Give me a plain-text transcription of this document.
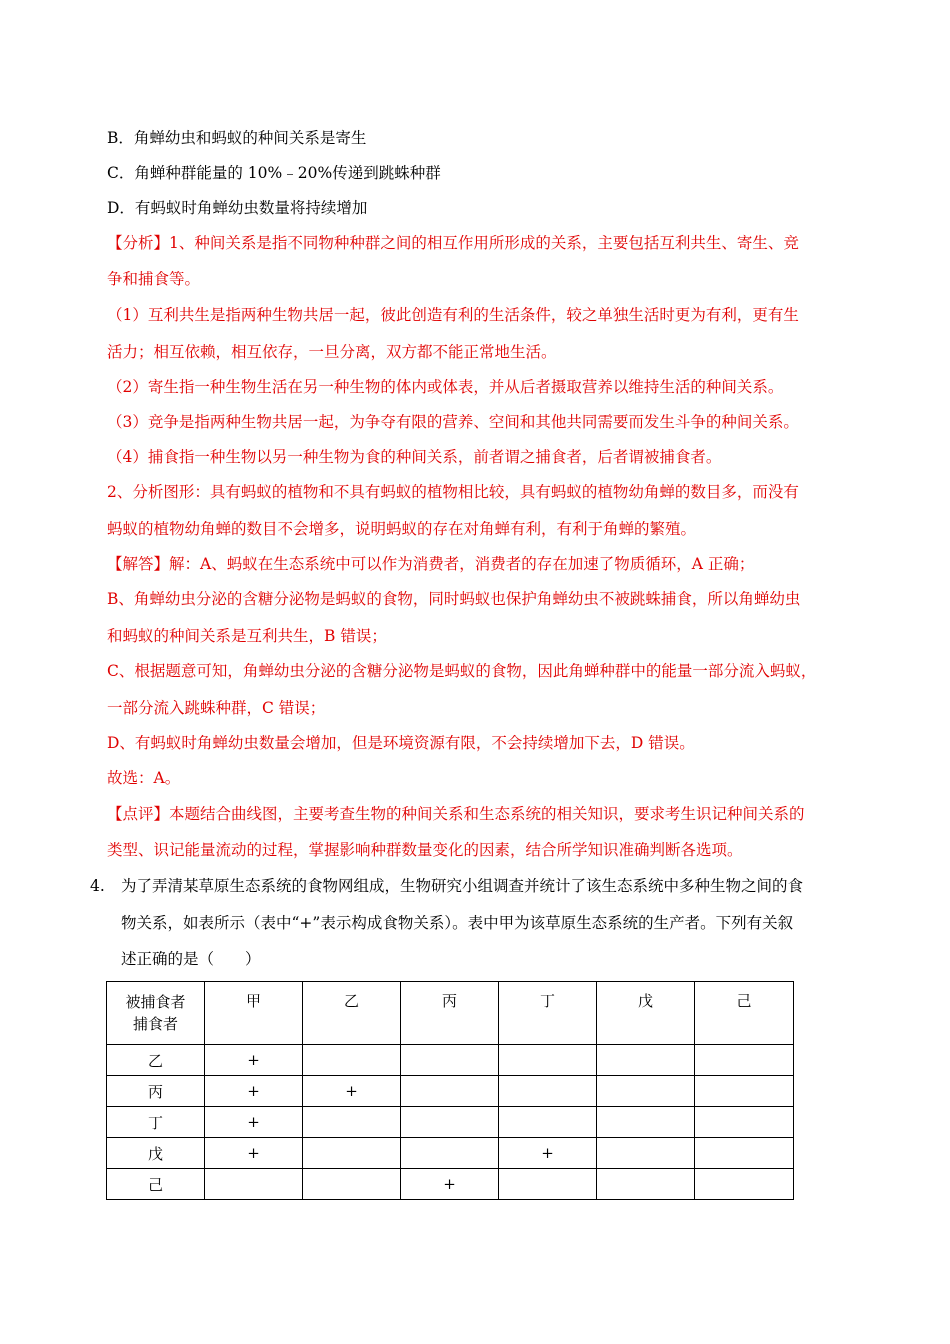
B．角蝉幼虫和蚂蚁的种间关系是寄生
C．角蝉种群能量的 10%﹣20%传递到跳蛛种群
D．有蚂蚁时角蝉幼虫数量将持续增加
【分析】1、种间关系是指不同物种种群之间的相互作用所形成的关系，主要包括互利共生、寄生、竞
争和捕食等。
（1）互利共生是指两种生物共居一起，彼此创造有利的生活条件，较之单独生活时更为有利，更有生
活力；相互依赖，相互依存，一旦分离，双方都不能正常地生活。
（2）寄生指一种生物生活在另一种生物的体内或体表，并从后者摄取营养以维持生活的种间关系。
（3）竞争是指两种生物共居一起，为争夺有限的营养、空间和其他共同需要而发生斗争的种间关系。
（4）捕食指一种生物以另一种生物为食的种间关系，前者谓之捕食者，后者谓被捕食者。
2、分析图形：具有蚂蚁的植物和不具有蚂蚁的植物相比较，具有蚂蚁的植物幼角蝉的数目多，而没有
蚂蚁的植物幼角蝉的数目不会增多，说明蚂蚁的存在对角蝉有利，有利于角蝉的繁殖。
【解答】解：A、蚂蚁在生态系统中可以作为消费者，消费者的存在加速了物质循环，A 正确；
B、角蝉幼虫分泌的含糖分泌物是蚂蚁的食物，同时蚂蚁也保护角蝉幼虫不被跳蛛捕食，所以角蝉幼虫
和蚂蚁的种间关系是互利共生，B 错误；
C、根据题意可知，角蝉幼虫分泌的含糖分泌物是蚂蚁的食物，因此角蝉种群中的能量一部分流入蚂蚁，
一部分流入跳蛛种群，C 错误；
D、有蚂蚁时角蝉幼虫数量会增加，但是环境资源有限，不会持续增加下去，D 错误。
故选：A。
【点评】本题结合曲线图，主要考查生物的种间关系和生态系统的相关知识，要求考生识记种间关系的
类型、识记能量流动的过程，掌握影响种群数量变化的因素，结合所学知识准确判断各选项。
4. 为了弄清某草原生态系统的食物网组成，生物研究小组调查并统计了该生态系统中多种生物之间的食
物关系，如表所示（表中“+”表示构成食物关系）。表中甲为该草原生态系统的生产者。下列有关叙
述正确的是（　　）
被捕食者
捕食者	甲	乙	丙	丁	戊	己
乙	+					
丙	+	+				
丁	+					
戊	+			+		
己			+			
